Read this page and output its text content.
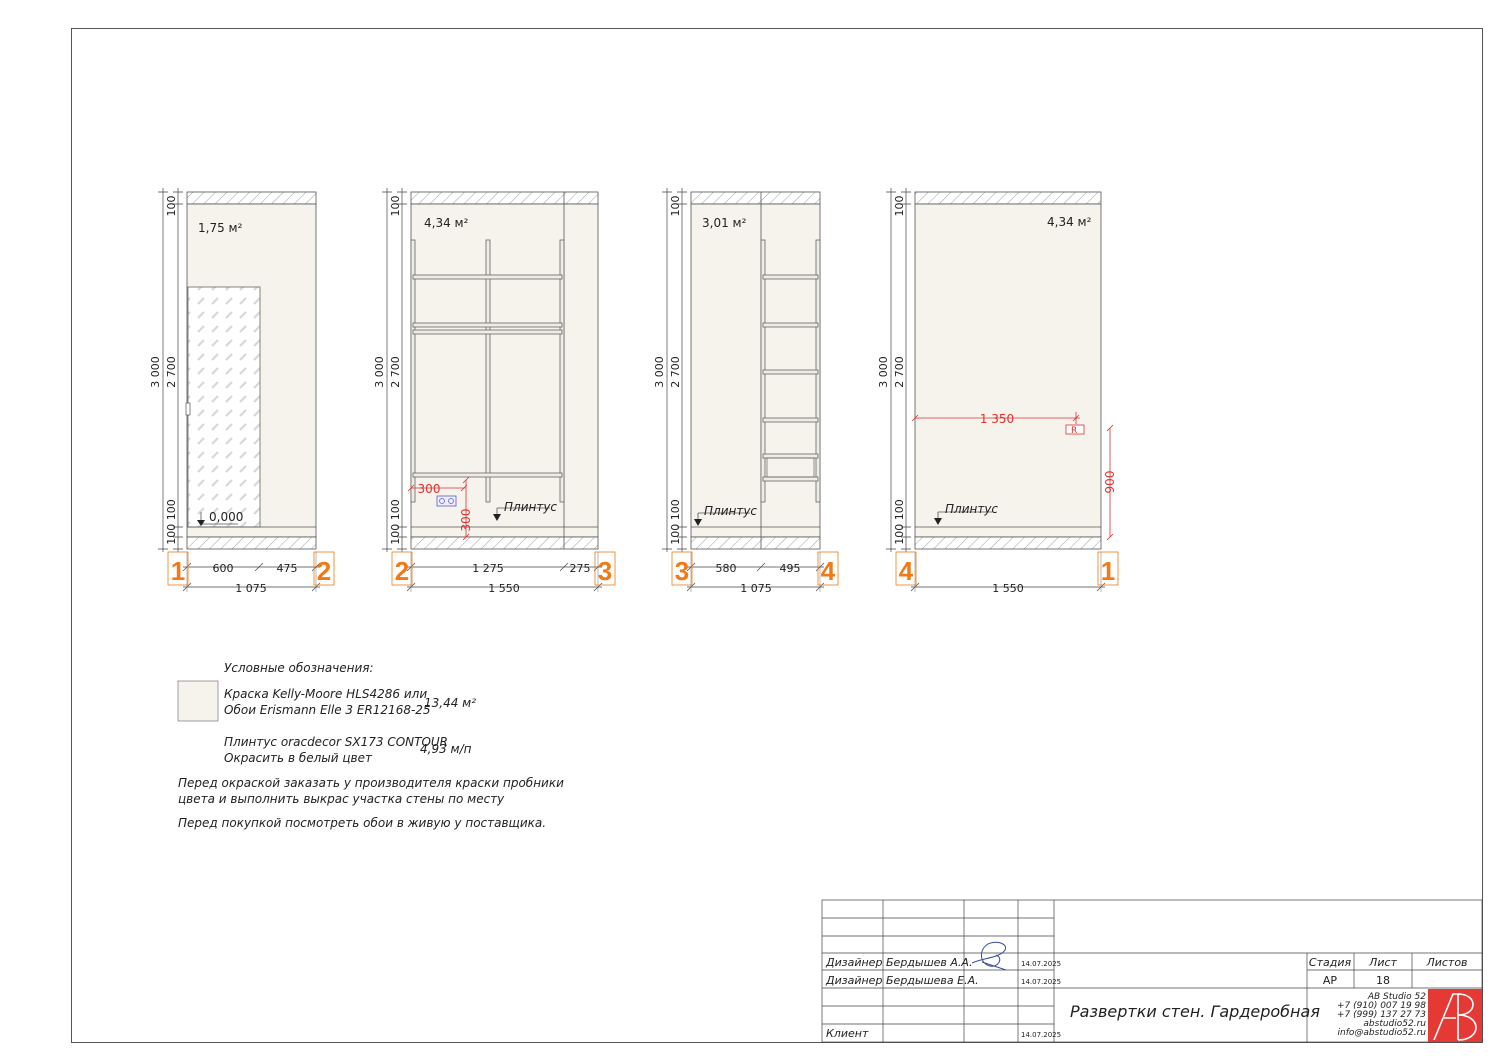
1,75 м²
0,000
3 000 2 700
100
100 100
600	475
1 075
1	2
4,34 м²
300
300
Плинтус
3 000 2 700
100
100 100
1 275	275
1 550
2	3
3,01 м²
Плинтус
3 000 2 700
100
100 100
580	495
1 075
3	4
4,34 м²
1 350
R
900
Плинтус
3 000 2 700
100
100 100
1 550
4	1
Условные обозначения:
Краска Kelly-Moore HLS4286 или
Обои Erismann Elle 3 ER12168-25
13,44 м²
Плинтус oracdecor SX173 CONTOUR
Окрасить в белый цвет
4,93 м/п
Перед окраской заказать у производителя краски пробники
цвета и выполнить выкрас участка стены по месту
Перед покупкой посмотреть обои в живую у поставщика.
Дизайнер Бердышев А.А.	14.07.2025
Дизайнер Бердышева Е.А.	14.07.2025
Клиент	14.07.2025
Стадия Лист	Листов
АР	18
Развертки стен. Гардеробная
AB Studio 52
+7 (910) 007 19 98
+7 (999) 137 27 73
abstudio52.ru
info@abstudio52.ru
